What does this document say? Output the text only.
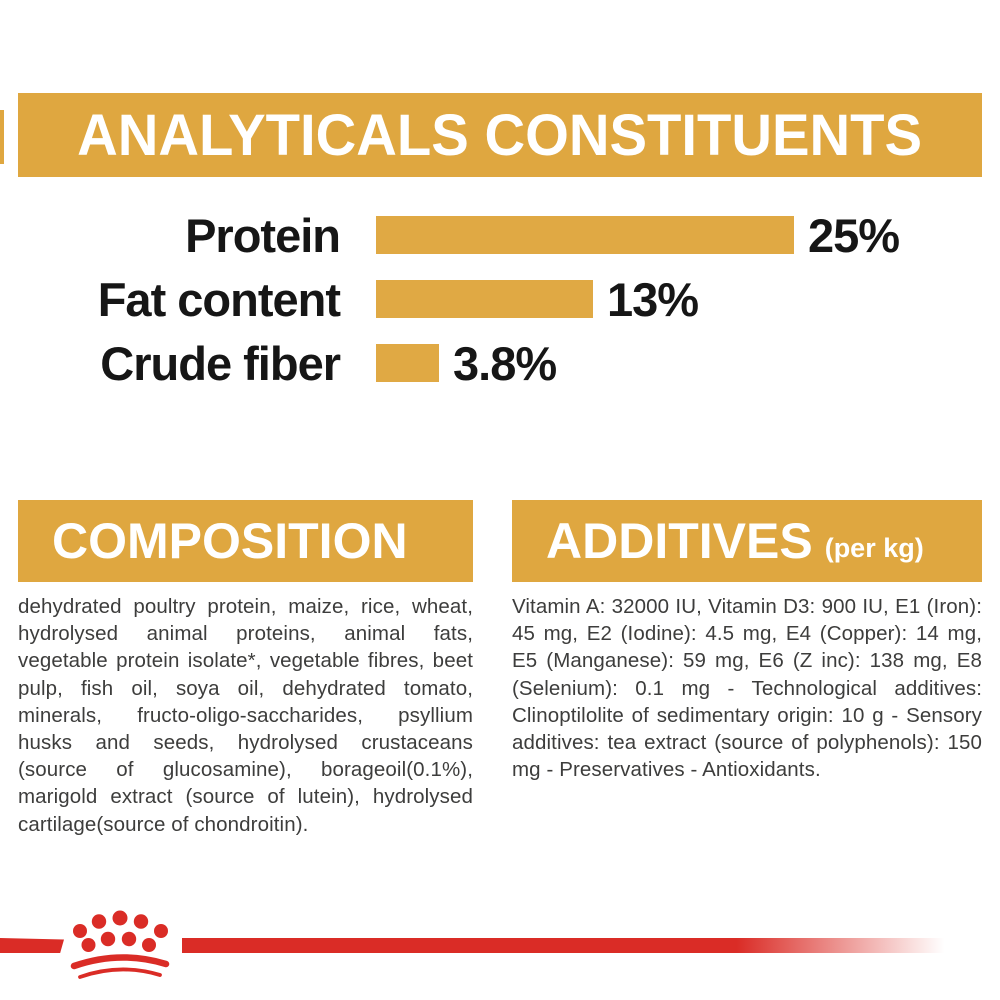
ANALYTICALS CONSTITUENTS
Protein	25%
Fat content	13%
Crude fiber 3.8%
COMPOSITION
dehydrated poultry protein, maize, rice, wheat, hydrolysed animal proteins, animal fats, vegetable protein isolate*, vegetable fibres, beet pulp, fish oil, soya oil, dehydrated tomato, minerals, fructo-oligo-saccharides, psyllium husks and seeds, hydrolysed crustaceans (source of glucosamine), borageoil(0.1%), marigold extract (source of lutein), hydrolysed cartilage(source of chondroitin).
ADDITIVES (per kg)
Vitamin A: 32000 IU, Vitamin D3: 900 IU, E1 (Iron): 45 mg, E2 (Iodine): 4.5 mg, E4 (Copper): 14 mg, E5 (Manganese): 59 mg, E6 (Z inc): 138 mg, E8 (Selenium): 0.1 mg - Technological additives: Clinoptilolite of sedimentary origin: 10 g - Sensory additives: tea extract (source of polyphenols): 150 mg - Preservatives - Antioxidants.
